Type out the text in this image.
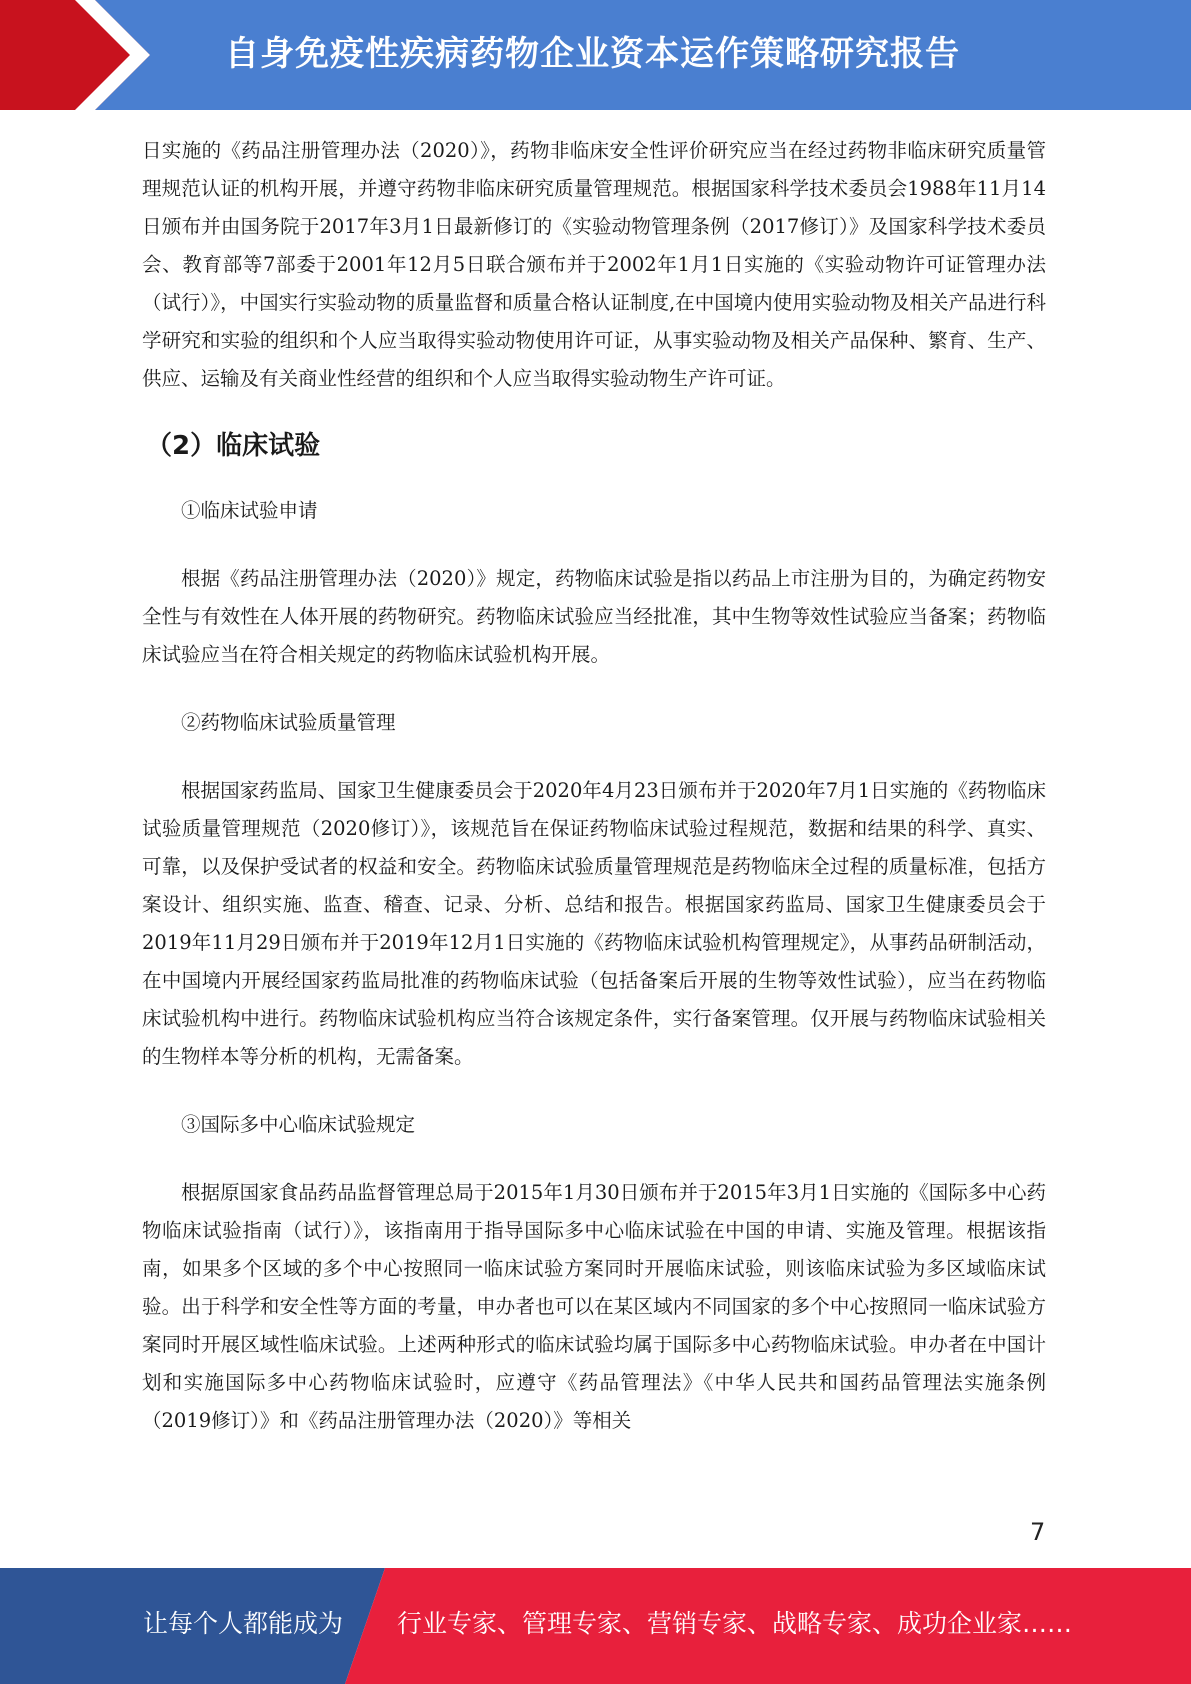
自身免疫性疾病药物企业资本运作策略研究报告

日实施的《药品注册管理办法（2020）》，药物非临床安全性评价研究应当在经过药物非临床研究质量管理规范认证的机构开展，并遵守药物非临床研究质量管理规范。根据国家科学技术委员会1988年11月14日颁布并由国务院于2017年3月1日最新修订的《实验动物管理条例（2017修订）》及国家科学技术委员会、教育部等7部委于2001年12月5日联合颁布并于2002年1月1日实施的《实验动物许可证管理办法（试行）》，中国实行实验动物的质量监督和质量合格认证制度,在中国境内使用实验动物及相关产品进行科学研究和实验的组织和个人应当取得实验动物使用许可证，从事实验动物及相关产品保种、繁育、生产、供应、运输及有关商业性经营的组织和个人应当取得实验动物生产许可证。

（2）临床试验

①临床试验申请

根据《药品注册管理办法（2020）》规定，药物临床试验是指以药品上市注册为目的，为确定药物安全性与有效性在人体开展的药物研究。药物临床试验应当经批准，其中生物等效性试验应当备案；药物临床试验应当在符合相关规定的药物临床试验机构开展。

②药物临床试验质量管理

根据国家药监局、国家卫生健康委员会于2020年4月23日颁布并于2020年7月1日实施的《药物临床试验质量管理规范（2020修订）》，该规范旨在保证药物临床试验过程规范，数据和结果的科学、真实、可靠，以及保护受试者的权益和安全。药物临床试验质量管理规范是药物临床全过程的质量标准，包括方案设计、组织实施、监查、稽查、记录、分析、总结和报告。根据国家药监局、国家卫生健康委员会于2019年11月29日颁布并于2019年12月1日实施的《药物临床试验机构管理规定》，从事药品研制活动，在中国境内开展经国家药监局批准的药物临床试验（包括备案后开展的生物等效性试验），应当在药物临床试验机构中进行。药物临床试验机构应当符合该规定条件，实行备案管理。仅开展与药物临床试验相关的生物样本等分析的机构，无需备案。

③国际多中心临床试验规定

根据原国家食品药品监督管理总局于2015年1月30日颁布并于2015年3月1日实施的《国际多中心药物临床试验指南（试行）》，该指南用于指导国际多中心临床试验在中国的申请、实施及管理。根据该指南，如果多个区域的多个中心按照同一临床试验方案同时开展临床试验，则该临床试验为多区域临床试验。出于科学和安全性等方面的考量，申办者也可以在某区域内不同国家的多个中心按照同一临床试验方案同时开展区域性临床试验。上述两种形式的临床试验均属于国际多中心药物临床试验。申办者在中国计划和实施国际多中心药物临床试验时，应遵守《药品管理法》《中华人民共和国药品管理法实施条例（2019修订）》和《药品注册管理办法（2020）》等相关

7
让每个人都能成为 行业专家、管理专家、营销专家、战略专家、成功企业家……
